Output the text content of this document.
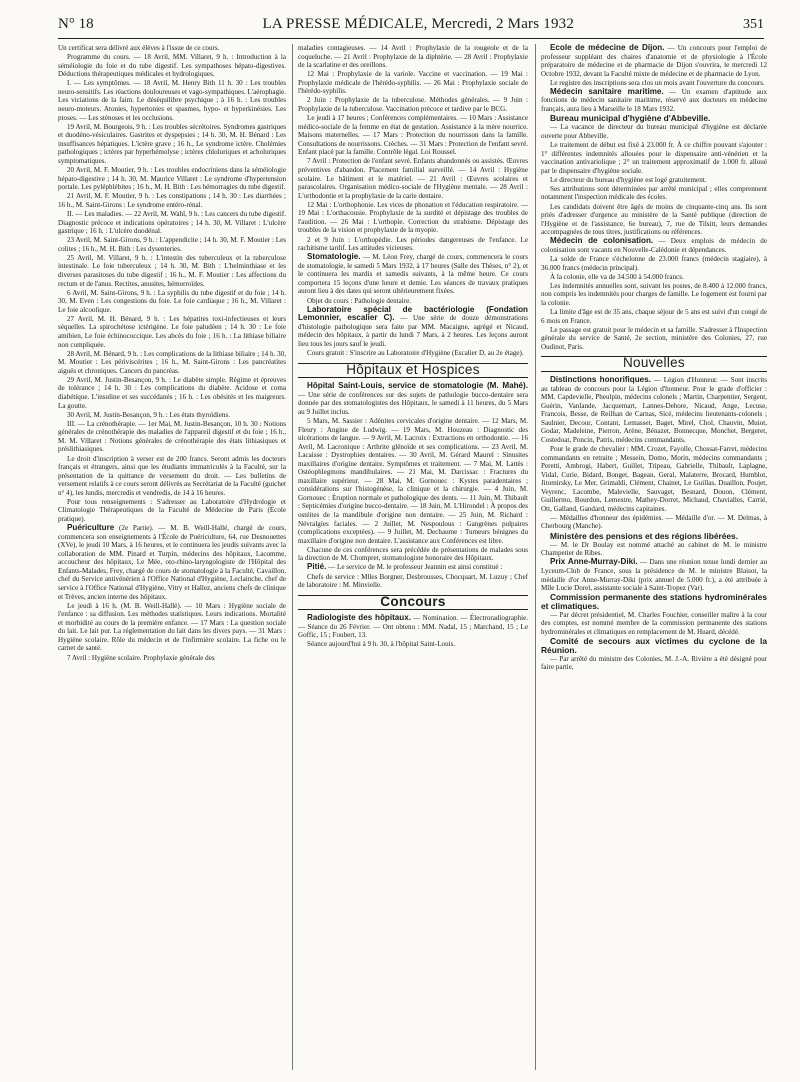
N° 18	LA PRESSE MÉDICALE, Mercredi, 2 Mars 1932	351

Un certificat sera délivré aux élèves à l'issue de ce cours.

Programme du cours. — 18 Avril, MM. Villaret, 9 h. : Introduction à la séméiologie du foie et du tube digestif. Les sympathoses hépato-digestives. Déductions thérapeutiques médicales et hydrologiques.

I. — Les symptômes. — 18 Avril, M. Henry Bith 11 h. 30 : Les troubles neuro-sensitifs. Les réactions douloureuses et vago-sympathiques. L'aérophagie. Les viciations de la faim. Le déséquilibre psychique ; à 16 h. : Les troubles neuro-moteurs. Atonies, hypertonies et spasmes, hypo- et hyperkinésies. Les ptoses. — Les sténoses et les occlusions.

19 Avril, M. Bourgeois, 9 h. : Les troubles sécrétoires. Syndromes gastriques et duodéno-vésiculaires. Gastrites et dyspepsies ; 14 h. 30, M. H. Bénard : Les insuffisances hépatiques. L'ictère grave ; 16 h., Le syndrome ictère. Cholémies pathologiques ; ictères par hyperhémolyse ; ictères chloluriques et acholuriques symptomatiques.

20 Avril, M. F. Moutier, 9 h. : Les troubles endocriniens dans la séméiologie hépato-digestive ; 14 h. 30, M. Maurice Villaret : Le syndrome d'hypertension portale. Les pyléphlébites ; 16 h., M. H. Bith : Les hémorragies du tube digestif.

21 Avril, M. F. Moutier, 9 h. : Les constipations ; 14 h. 30 : Les diarrhées ; 16 h., M. Saint-Girons : Le syndrome entéro-rénal.

II. — Les maladies. — 22 Avril, M. Wahl, 9 h. : Les cancers du tube digestif. Diagnostic précoce et indications opératoires ; 14 h. 30, M. Villaret : L'ulcère gastrique ; 16 h. : L'ulcère duodénal.

23 Avril, M. Saint-Girons, 9 h. : L'appendicite ; 14 h. 30, M. F. Moutier : Les colites ; 16 h., M. H. Bith : Les dysenteries.

25 Avril, M. Villaret, 9 h. : L'intestin des tuberculeux et la tuberculose intestinale. Le foie tuberculeux ; 14 h. 30, M. Bith : L'helminthiase et les diverses parasitoses du tube digestif ; 16 h., M. F. Moutier : Les affections du rectum et de l'anus. Rectites, anusites, hémorroïdes.

6 Avril, M. Saint-Girons, 9 h. : La syphilis du tube digestif et du foie ; 14 h. 30, M. Even : Les congestions du foie. Le foie cardiaque ; 16 h., M. Villaret : Le foie alcoolique.

27 Avril, M. H. Bénard, 9 h. : Les hépatites toxi-infectieuses et leurs séquelles. La spirochétose ictérigène. Le foie paludéen ; 14 h. 30 : Le foie amibien, Le foie échinococcique. Les abcès du foie ; 16 h. : La lithiase biliaire non compliquée.

28 Avril, M. Bénard, 9 h. : Les complications de la lithiase biliaire ; 14 h. 30, M. Moutier : Les périviscérites ; 16 h., M. Saint-Girons : Les pancréatites aiguës et chroniques. Cancers du pancréas.

29 Avril, M. Justin-Besançon, 9 h. : Le diabète simple. Régime et épreuves de tolérance ; 14 h. 30 : Les complications du diabète. Acidose et coma diabétique. L'insuline et ses succédanés ; 16 h. : Les obésités et les maigreurs. La goutte.

30 Avril, M. Justin-Besançon, 9 h. : Les états thyroïdiens.

III. — La crénothérapie. — 1er Mai, M. Justin-Besançon, 10 h. 30 : Notions générales de crénothérapie des maladies de l'appareil digestif et du foie ; 16 h., M. M. Villaret : Notions générales de crénothérapie des états lithiasiques et préslithiasiques.

Le droit d'inscription à verser est de 200 francs. Seront admis les docteurs français et étrangers, ainsi que les étudiants immatriculés à la Faculté, sur la présentation de la quittance de versement du droit. — Les bulletins de versement relatifs à ce cours seront délivrés au Secrétariat de la Faculté (guichet n° 4), les lundis, mercredis et vendredis, de 14 à 16 heures.

Pour tous renseignements : S'adresser au Laboratoire d'Hydrologie et Climatologie Thérapeutiques de la Faculté de Médecine de Paris (École pratique).

Puériculture (2e Partie). — M. B. Weill-Hallé, chargé de cours, commencera son enseignements à l'École de Puériculture, 64, rue Desnouettes (XVe), le jeudi 10 Mars, à 16 heures, et le continuera les jeudis suivants avec la collaboration de MM. Pinard et Turpin, médecins des hôpitaux, Lacomme, accoucheur des hôpitaux, Le Mée, oto-rhino-laryngologiste de l'Hôpital des Enfants-Malades, Frey, chargé de cours de stomatologie à la Faculté, Cavaillon, chef du Service antivénérien à l'Office National d'Hygiène, Leclainche, chef de service à l'Office National d'Hygiène, Vitry et Hallez, anciens chefs de clinique et Trèves, ancien interne des hôpitaux.

Le jeudi à 16 h. (M. B. Weill-Hallé). — 10 Mars : Hygiène sociale de l'enfance : sa diffusion. Les méthodes statistiques. Leurs indications. Mortalité et morbidité au cours de la première enfance. — 17 Mars : La question sociale du lait. Le lait pur. La réglementation du lait dans les divers pays. — 31 Mars : Hygiène scolaire. Rôle du médecin et de l'infirmière scolaire. La fiche ou le carnet de santé.

7 Avril : Hygiène scolaire. Prophylaxie générale des

maladies contagieuses. — 14 Avril : Prophylaxie de la rougeole et de la coqueluche. — 21 Avril : Prophylaxie de la diphtérie. — 28 Avril : Prophylaxie de la scarlatine et des oreillons.

12 Mai : Prophylaxie de la variole. Vaccine et vaccination. — 19 Mai : Prophylaxie médicale de l'hérédo-syphilis. — 26 Mai : Prophylaxie sociale de l'hérédo-syphilis.

2 Juin : Prophylaxie de la tuberculose. Méthodes générales. — 9 Juin : Prophylaxie de la tuberculose. Vaccination précoce et tardive par le BCG.

Le jeudi à 17 heures ; Conférences complémentaires. — 10 Mars : Assistance médico-sociale de la femme en état de gestation. Assistance à la mère nourrice. Maisons maternelles. — 17 Mars : Protection du nourrisson dans la famille. Consultations de nourrissons. Crèches. — 31 Mars : Protection de l'enfant sevré. Enfant placé par la famille. Contrôle légal. Loi Roussel.

7 Avril : Protection de l'enfant sevré. Enfants abandonnés ou assistés. Œuvres préventives d'abandon. Placement familial surveillé. — 14 Avril : Hygiène scolaire. Le bâtiment et le matériel. — 21 Avril : Œuvres scolaires et parascolaires. Organisation médico-sociale de l'Hygiène mentale. — 28 Avril : L'orthodontie et la prophylaxie de la carie dentaire.

12 Mai : L'orthophonie. Les vices de phonation et l'éducation respiratoire. — 19 Mai : L'orthacousie. Prophylaxie de la surdité et dépistage des troubles de l'audition. — 26 Mai : L'orthopie. Correction du strabisme. Dépistage des troubles de la vision et prophylaxie de la myopie.

2 et 9 Juin : L'orthopédie. Les périodes dangereuses de l'enfance. Le rachitisme tardif. Les attitudes vicieuses.

Stomatologie. — M. Léon Frey, chargé de cours, commencera le cours de stomatologie, le samedi 5 Mars 1932, à 17 heures (Salle des Thèses, n° 2), et le continuera les mardis et samedis suivants, à la même heure. Ce cours comportera 15 leçons d'une heure et demie. Les séances de travaux pratiques auront lieu à des dates qui seront ultérieurement fixées.

Objet du cours : Pathologie dentaire.

Laboratoire spécial de bactériologie (Fondation Lemonnier, escalier C). — Une série de douze démonstrations d'histologie pathologique sera faite par MM. Macaigne, agrégé et Nicaud, médecin des hôpitaux, à partir du lundi 7 Mars, à 2 heures. Les leçons auront lieu tous les jours sauf le jeudi.

Cours gratuit : S'inscrire au Laboratoire d'Hygiène (Escalier D, au 2e étage).

Hôpitaux et Hospices

Hôpital Saint-Louis, service de stomatologie (M. Mahé). — Une série de conférences sur des sujets de pathologie bucco-dentaire sera donnée par des stomatologistes des Hôpitaux, le samedi à 11 heures, du 5 Mars au 9 Juillet inclus.

5 Mars, M. Sassier : Adénites cervicales d'origine dentaire. — 12 Mars, M. Fleury : Angine de Ludwig. — 19 Mars, M. Houzeau : Diagnostic des ulcérations de langue. — 9 Avril, M. Lacroix : Extractions en orthodontie. — 16 Avril, M. Lacronique : Arthrite glénoïde et ses complications. — 23 Avril, M. Lacaisse : Dystrophies dentaires. — 30 Avril, M. Gérard Maurel : Sinusites maxillaires d'origine dentaire. Symptômes et traitement. — 7 Mai, M. Lattès : Ostéophlegmons mandibulaires. — 21 Mai, M. Darcissac : Fractures du maxillaire supérieur. — 28 Mai, M. Gornouec : Kystes paradentaires ; considérations sur l'histogénèse, la clinique et la chirurgie. — 4 Juin, M. Gornouec : Éruption normale et pathologique des dents. — 11 Juin, M. Thibault : Septicémies d'origine bucco-dentaire. — 18 Juin, M. L'Hirondel : À propos des ostéites de la mandibule d'origine non dentaire. — 25 Juin, M. Richard : Névralgies faciales. — 2 Juillet, M. Nespoulous : Gangrènes pulpaires (complications exceptées). — 9 Juillet, M. Dechaume : Tumeurs bénignes du maxillaire d'origine non dentaire. L'assistance aux Conférences est libre.

Chacune de ces conférences sera précédée de présentations de malades sous la direction de M. Chompret, stomatologiste honoraire des Hôpitaux.

Pitié. — Le service de M. le professeur Jeannin est ainsi constitué :

Chefs de service : Mlles Borgner, Desbrousses, Chocquart, M. Luzuy ; Chef de laboratoire : M. Minvielle.

Concours

Radiologiste des hôpitaux. — Nomination. — Électroradiographie. — Séance du 26 Février. — Ont obtenu : MM. Nadal, 15 ; Marchand, 15 ; Le Goffic, 15 ; Foubert, 13.

Séance aujourd'hui à 9 h. 30, à l'hôpital Saint-Louis.

École de médecine de Dijon. — Un concours pour l'emploi de professeur suppléant des chaires d'anatomie et de physiologie à l'École préparatoire de médecine et de pharmacie de Dijon s'ouvrira, le mercredi 12 Octobre 1932, devant la Faculté mixte de médecine et de pharmacie de Lyon.

Le registre des inscriptions sera clos un mois avant l'ouverture du concours.

Médecin sanitaire maritime. — Un examen d'aptitude aux fonctions de médecin sanitaire maritime, réservé aux docteurs en médecine français, aura lieu à Marseille le 18 Mars 1932.

Bureau municipal d'hygiène d'Abbeville.

— La vacance de directeur du bureau municipal d'hygiène est déclarée ouverte pour Abbeville.

Le traitement de début est fixé à 23.000 fr. À ce chiffre pouvant s'ajouter : 1° différentes indemnités allouées pour le dispensaire anti-vénérien et la vaccination antivariolique ; 2° un traitement approximatif de 1.000 fr. alloué par le dispensaire d'hygiène sociale.

Le directeur du bureau d'hygiène est logé gratuitement.

Ses attributions sont déterminées par arrêté municipal ; elles comprennent notamment l'inspection médicale des écoles.

Les candidats doivent être âgés de moins de cinquante-cinq ans. Ils sont priés d'adresser d'urgence au ministère de la Santé publique (direction de l'Hygiène et de l'assistance, 6e bureau), 7, rue de Tilsitt, leurs demandes accompagnées de tous titres, justifications ou références.

Médecin de colonisation. — Deux emplois de médecin de colonisation sont vacants en Nouvelle-Calédonie et dépendances.

La solde de France s'échelonne de 23.000 francs (médecin stagiaire), à 36.000 francs (médecin principal).

À la colonie, elle va de 34.500 à 54.000 francs.

Les indemnités annuelles sont, suivant les postes, de 8.400 à 12.000 francs, non compris les indemnités pour charges de famille. Le logement est fourni par la colonie.

La limite d'âge est de 35 ans, chaque séjour de 5 ans est suivi d'un congé de 6 mois en France.

Le passage est gratuit pour le médecin et sa famille. S'adresser à l'Inspection générale du service de Santé, 2e section, ministère des Colonies, 27, rue Oudinot, Paris.

Nouvelles

Distinctions honorifiques. — Légion d'Honneur. — Sont inscrits au tableau de concours pour la Légion d'honneur. Pour le grade d'officier : MM. Capdevielle, Pheulpin, médecins colonels ; Martin, Charpentier, Sergent, Guérin, Vanlande, Jacquemart, Lannes-Dehore, Nicaud, Ange, Lecuse, Francois, Besse, de Reilhan de Carnas, Sicé, médecins lieutenants-colonels ; Saulnier, Decour, Contant, Lemasset, Baget, Mirel, Chol, Chauvin, Muiot, Godar, Madeleine, Pierron, Arène, Bénazet, Bonnecque, Monchet, Bergeret, Costedoat, Poncin, Patris, médecins commandants.

Pour le grade de chevalier : MM. Crozet, Fayolle, Chossat-Farret, médecins commandants en retraite ; Messein, Domo, Morin, médecins commandants ; Peretti, Ambrogi, Habert, Guillet, Tripeau, Gabrielle, Thibault, Laplagne, Vidal, Curie, Bidard, Bonget, Bagean, Geral, Malaterre, Brocard, Humblot, Jitomirsky, Le Mer, Grimaldi, Clément, Chainet, Le Guillas, Duaillon, Poujet, Veyrenc, Lacombe, Malevielle, Sauvaget, Besnard, Douon, Clément, Guillermo, Bourdon, Lemestre, Mathey-Dorret, Michaud, Chavialles, Carrié, Ott, Galland, Gandard, médecins capitaines.

— Médailles d'honneur des épidémies. — Médaille d'or. — M. Delmas, à Cherbourg (Manche).

Ministère des pensions et des régions libérées.

— M. le Dr Boulay est nommé attaché au cabinet de M. le ministre Champetier de Ribes.

Prix Anne-Murray-Diki. — Dans une réunion tenue lundi dernier au Lyceum-Club de France, sous la présidence de M. le ministre Blaisot, la médaille d'or Anne-Murray-Diki (prix annuel de 5.000 fr.), a été attribuée à Mlle Lucie Dorel, assistante sociale à Saint-Tropez (Var).

Commission permanente des stations hydrominérales et climatiques.

— Par décret présidentiel, M. Charles Fouchier, conseiller maître à la cour des comptes, est nommé membre de la commission permanente des stations hydrominérales et climatiques en remplacement de M. Huard, décédé.

Comité de secours aux victimes du cyclone de la Réunion.

— Par arrêté du ministre des Colonies, M. J.-A. Rivière a été désigné pour faire partie,
